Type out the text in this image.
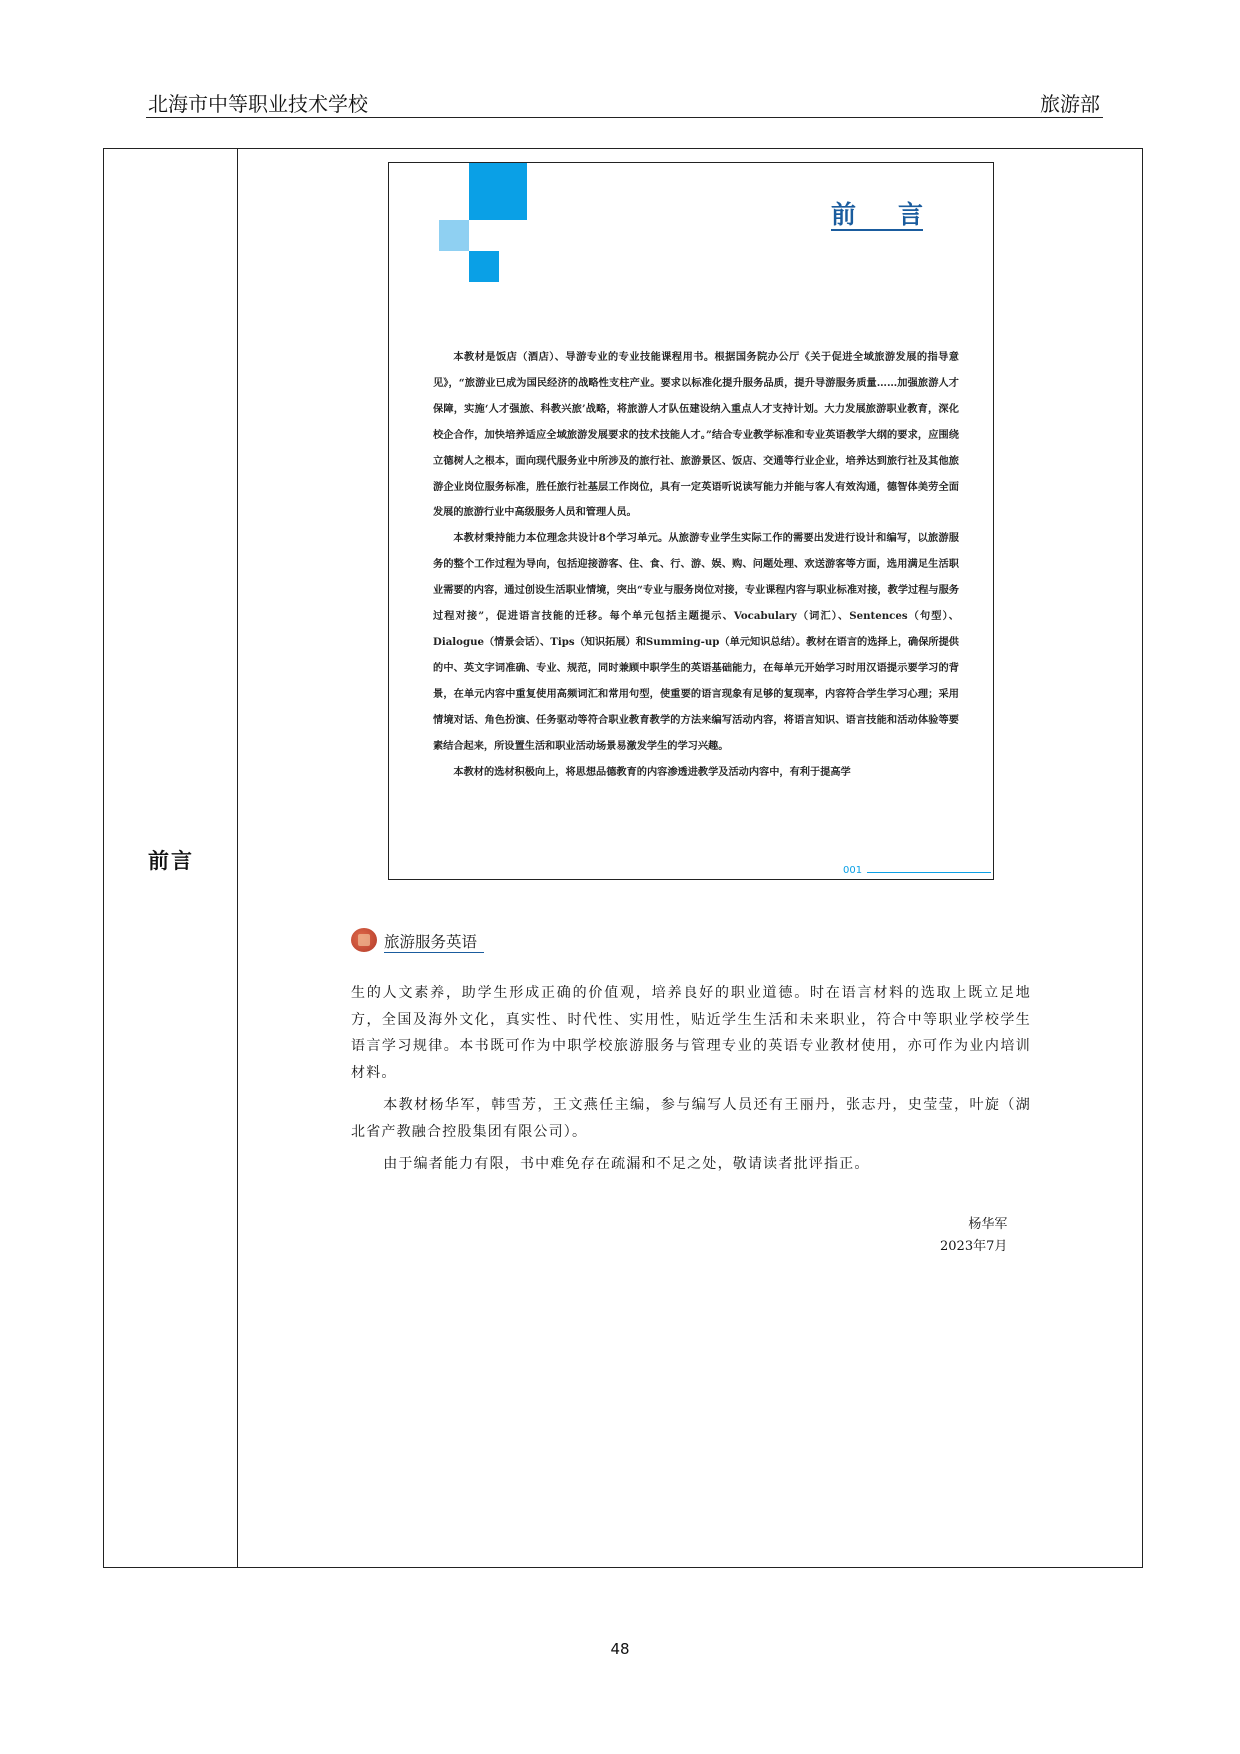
北海市中等职业技术学校	旅游部
前言
前 言

本教材是饭店（酒店）、导游专业的专业技能课程用书。根据国务院办公厅《关于促进全域旅游发展的指导意见》，“旅游业已成为国民经济的战略性支柱产业。要求以标准化提升服务品质，提升导游服务质量……加强旅游人才保障，实施‘人才强旅、科教兴旅’战略，将旅游人才队伍建设纳入重点人才支持计划。大力发展旅游职业教育，深化校企合作，加快培养适应全域旅游发展要求的技术技能人才。”结合专业教学标准和专业英语教学大纲的要求，应围绕立德树人之根本，面向现代服务业中所涉及的旅行社、旅游景区、饭店、交通等行业企业，培养达到旅行社及其他旅游企业岗位服务标准，胜任旅行社基层工作岗位，具有一定英语听说读写能力并能与客人有效沟通，德智体美劳全面发展的旅游行业中高级服务人员和管理人员。

本教材秉持能力本位理念共设计8个学习单元。从旅游专业学生实际工作的需要出发进行设计和编写，以旅游服务的整个工作过程为导向，包括迎接游客、住、食、行、游、娱、购、问题处理、欢送游客等方面，选用满足生活职业需要的内容，通过创设生活职业情境，突出“专业与服务岗位对接，专业课程内容与职业标准对接，教学过程与服务过程对接”，促进语言技能的迁移。每个单元包括主题提示、Vocabulary（词汇）、Sentences（句型）、Dialogue（情景会话）、Tips（知识拓展）和Summing-up（单元知识总结）。教材在语言的选择上，确保所提供的中、英文字词准确、专业、规范，同时兼顾中职学生的英语基础能力，在每单元开始学习时用汉语提示要学习的背景，在单元内容中重复使用高频词汇和常用句型，使重要的语言现象有足够的复现率，内容符合学生学习心理；采用情境对话、角色扮演、任务驱动等符合职业教育教学的方法来编写活动内容，将语言知识、语言技能和活动体验等要素结合起来，所设置生活和职业活动场景易激发学生的学习兴趣。

本教材的选材积极向上，将思想品德教育的内容渗透进教学及活动内容中，有利于提高学

001
旅游服务英语

生的人文素养，助学生形成正确的价值观，培养良好的职业道德。时在语言材料的选取上既立足地方，全国及海外文化，真实性、时代性、实用性，贴近学生生活和未来职业，符合中等职业学校学生语言学习规律。本书既可作为中职学校旅游服务与管理专业的英语专业教材使用，亦可作为业内培训材料。

本教材杨华军，韩雪芳，王文燕任主编，参与编写人员还有王丽丹，张志丹，史莹莹，叶旋（湖北省产教融合控股集团有限公司）。

由于编者能力有限，书中难免存在疏漏和不足之处，敬请读者批评指正。

杨华军
2023年7月
48
